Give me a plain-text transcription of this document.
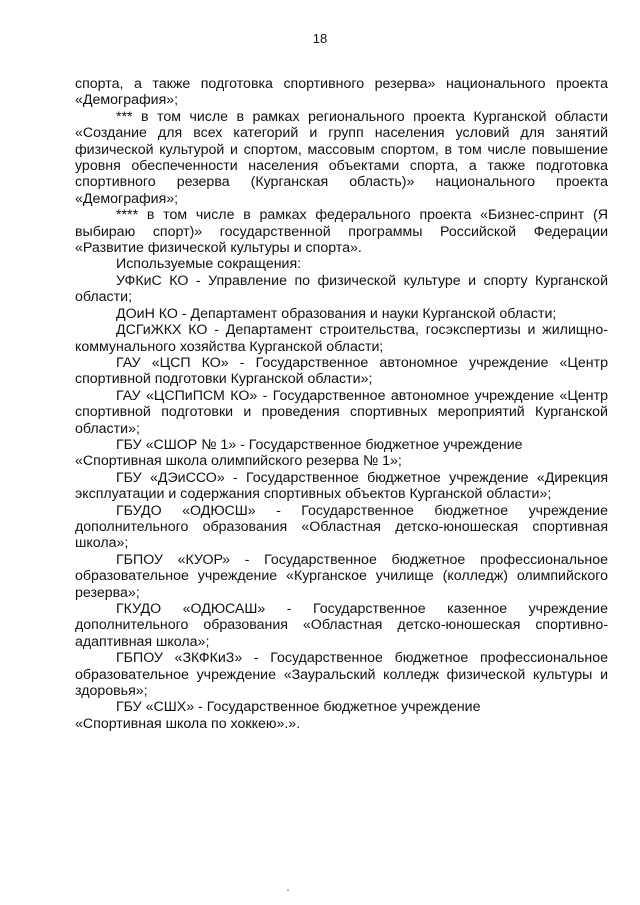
18

спорта, а также подготовка спортивного резерва» национального проекта «Демография»;

*** в том числе в рамках регионального проекта Курганской области «Создание для всех категорий и групп населения условий для занятий физической культурой и спортом, массовым спортом, в том числе повышение уровня обеспеченности населения объектами спорта, а также подготовка спортивного резерва (Курганская область)» национального проекта «Демография»;

**** в том числе в рамках федерального проекта «Бизнес-спринт (Я выбираю спорт)» государственной программы Российской Федерации «Развитие физической культуры и спорта».

Используемые сокращения:

УФКиС КО - Управление по физической культуре и спорту Курганской области;

ДОиН КО - Департамент образования и науки Курганской области;

ДСГиЖКХ КО - Департамент строительства, госэкспертизы и жилищно-коммунального хозяйства Курганской области;

ГАУ «ЦСП КО» - Государственное автономное учреждение «Центр спортивной подготовки Курганской области»;

ГАУ «ЦСПиПСМ КО» - Государственное автономное учреждение «Центр спортивной подготовки и проведения спортивных мероприятий Курганской области»;

ГБУ «СШОР № 1» - Государственное бюджетное учреждение «Спортивная школа олимпийского резерва № 1»;

ГБУ «ДЭиССО» - Государственное бюджетное учреждение «Дирекция эксплуатации и содержания спортивных объектов Курганской области»;

ГБУДО «ОДЮСШ» - Государственное бюджетное учреждение дополнительного образования «Областная детско-юношеская спортивная школа»;

ГБПОУ «КУОР» - Государственное бюджетное профессиональное образовательное учреждение «Курганское училище (колледж) олимпийского резерва»;

ГКУДО «ОДЮСАШ» - Государственное казенное учреждение дополнительного образования «Областная детско-юношеская спортивно-адаптивная школа»;

ГБПОУ «ЗКФКиЗ» - Государственное бюджетное профессиональное образовательное учреждение «Зауральский колледж физической культуры и здоровья»;

ГБУ «СШХ» - Государственное бюджетное учреждение «Спортивная школа по хоккею».».
